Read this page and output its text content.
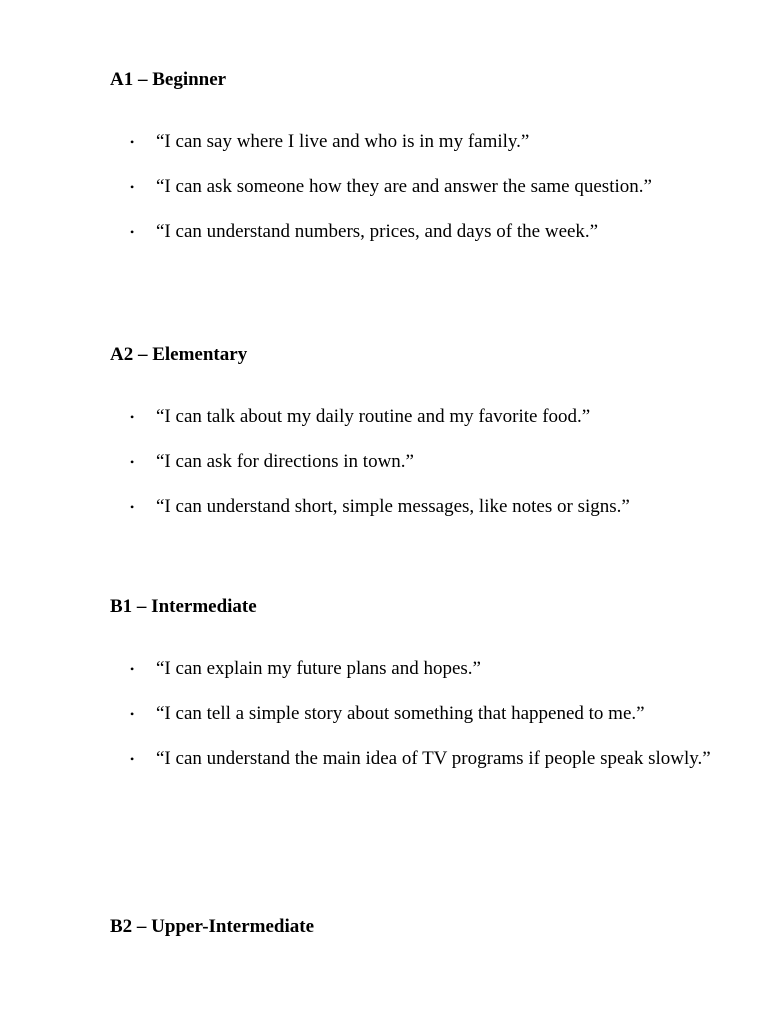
A1 – Beginner
• “I can say where I live and who is in my family.”
• “I can ask someone how they are and answer the same question.”
• “I can understand numbers, prices, and days of the week.”
A2 – Elementary
• “I can talk about my daily routine and my favorite food.”
• “I can ask for directions in town.”
• “I can understand short, simple messages, like notes or signs.”
B1 – Intermediate
• “I can explain my future plans and hopes.”
• “I can tell a simple story about something that happened to me.”
• “I can understand the main idea of TV programs if people speak slowly.”
B2 – Upper-Intermediate
